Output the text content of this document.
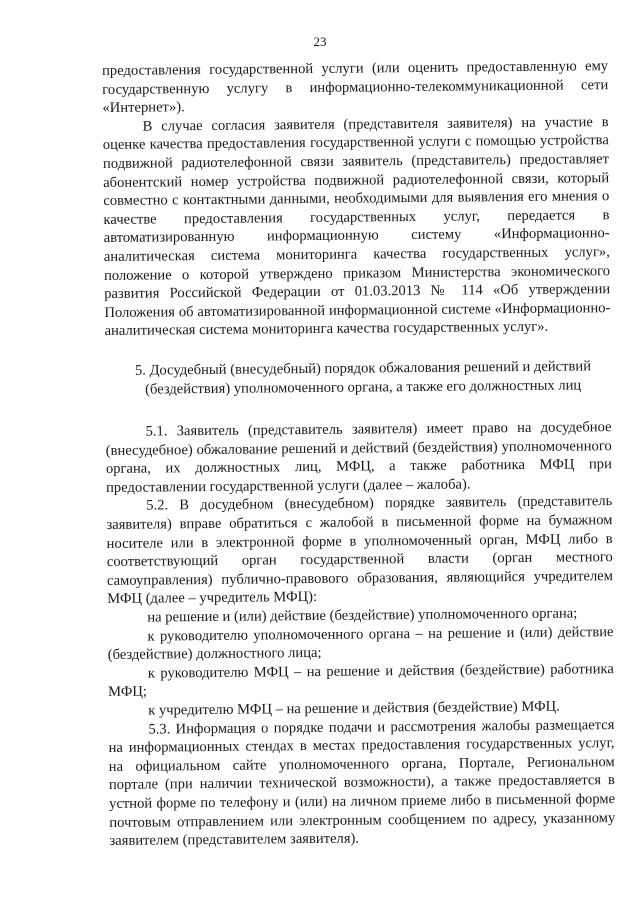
23

предоставления государственной услуги (или оценить предоставленную ему государственную услугу в информационно-телекоммуникационной сети «Интернет»).

В случае согласия заявителя (представителя заявителя) на участие в оценке качества предоставления государственной услуги с помощью устройства подвижной радиотелефонной связи заявитель (представитель) предоставляет абонентский номер устройства подвижной радиотелефонной связи, который совместно с контактными данными, необходимыми для выявления его мнения о качестве предоставления государственных услуг, передается в автоматизированную информационную систему «Информационно-аналитическая система мониторинга качества государственных услуг», положение о которой утверждено приказом Министерства экономического развития Российской Федерации от 01.03.2013 № 114 «Об утверждении Положения об автоматизированной информационной системе «Информационно-аналитическая система мониторинга качества государственных услуг».

5. Досудебный (внесудебный) порядок обжалования решений и действий
(бездействия) уполномоченного органа, а также его должностных лиц

5.1. Заявитель (представитель заявителя) имеет право на досудебное (внесудебное) обжалование решений и действий (бездействия) уполномоченного органа, их должностных лиц, МФЦ, а также работника МФЦ при предоставлении государственной услуги (далее – жалоба).

5.2. В досудебном (внесудебном) порядке заявитель (представитель заявителя) вправе обратиться с жалобой в письменной форме на бумажном носителе или в электронной форме в уполномоченный орган, МФЦ либо в соответствующий орган государственной власти (орган местного самоуправления) публично-правового образования, являющийся учредителем МФЦ (далее – учредитель МФЦ):

на решение и (или) действие (бездействие) уполномоченного органа;

к руководителю уполномоченного органа – на решение и (или) действие (бездействие) должностного лица;

к руководителю МФЦ – на решение и действия (бездействие) работника МФЦ;

к учредителю МФЦ – на решение и действия (бездействие) МФЦ.

5.3. Информация о порядке подачи и рассмотрения жалобы размещается на информационных стендах в местах предоставления государственных услуг, на официальном сайте уполномоченного органа, Портале, Региональном портале (при наличии технической возможности), а также предоставляется в устной форме по телефону и (или) на личном приеме либо в письменной форме почтовым отправлением или электронным сообщением по адресу, указанному заявителем (представителем заявителя).
